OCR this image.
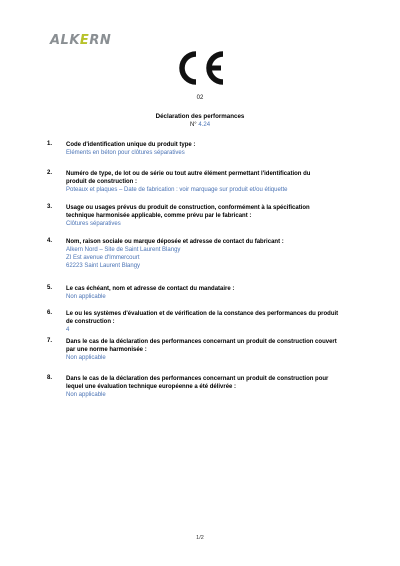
ALKERN
02
Déclaration des performances
N° 4.24
1. Code d'identification unique du produit type :
Eléments en béton pour clôtures séparatives
2. Numéro de type, de lot ou de série ou tout autre élément permettant l'identification du
produit de construction :
Poteaux et plaques – Date de fabrication : voir marquage sur produit et/ou étiquette
3. Usage ou usages prévus du produit de construction, conformément à la spécification
technique harmonisée applicable, comme prévu par le fabricant :
Clôtures séparatives
4. Nom, raison sociale ou marque déposée et adresse de contact du fabricant :
Alkern Nord – Site de Saint Laurent Blangy
ZI Est avenue d'Immercourt
62223 Saint Laurent Blangy
5. Le cas échéant, nom et adresse de contact du mandataire :
Non applicable
6. Le ou les systèmes d'évaluation et de vérification de la constance des performances du produit
de construction :
4
7. Dans le cas de la déclaration des performances concernant un produit de construction couvert
par une norme harmonisée :
Non applicable
8. Dans le cas de la déclaration des performances concernant un produit de construction pour
lequel une évaluation technique européenne a été délivrée :
Non applicable
1/2
